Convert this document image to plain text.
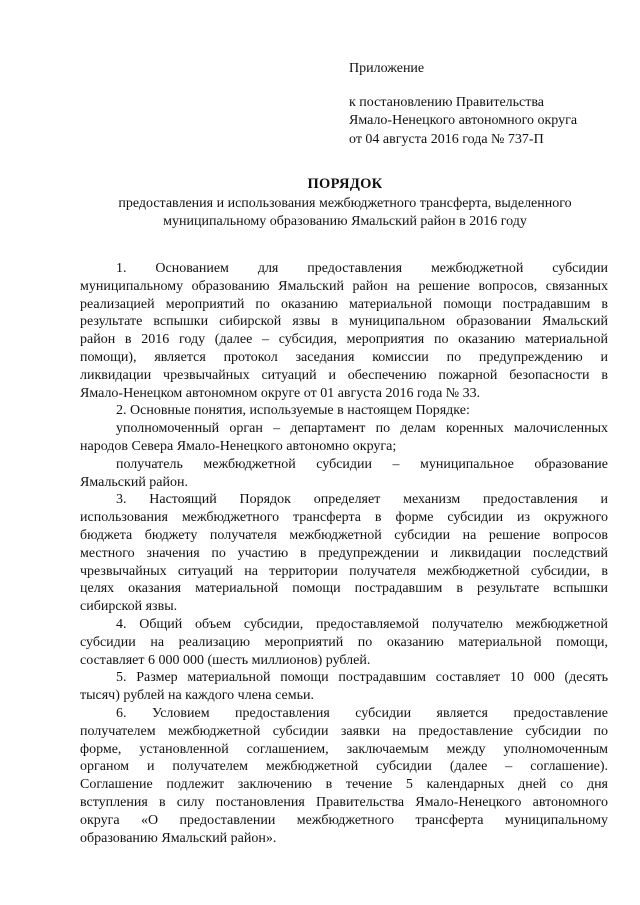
Приложение
к постановлению Правительства
Ямало-Ненецкого автономного округа
от 04 августа 2016 года № 737-П
ПОРЯДОК
предоставления и использования межбюджетного трансферта, выделенного
муниципальному образованию Ямальский район в 2016 году
1. Основанием для предоставления межбюджетной субсидии
муниципальному образованию Ямальский район на решение вопросов, связанных
реализацией мероприятий по оказанию материальной помощи пострадавшим в
результате вспышки сибирской язвы в муниципальном образовании Ямальский
район в 2016 году (далее – субсидия, мероприятия по оказанию материальной
помощи), является протокол заседания комиссии по предупреждению и
ликвидации чрезвычайных ситуаций и обеспечению пожарной безопасности в
Ямало-Ненецком автономном округе от 01 августа 2016 года № 33.
2. Основные понятия, используемые в настоящем Порядке:
уполномоченный орган – департамент по делам коренных малочисленных
народов Севера Ямало-Ненецкого автономно округа;
получатель межбюджетной субсидии – муниципальное образование
Ямальский район.
3. Настоящий Порядок определяет механизм предоставления и
использования межбюджетного трансферта в форме субсидии из окружного
бюджета бюджету получателя межбюджетной субсидии на решение вопросов
местного значения по участию в предупреждении и ликвидации последствий
чрезвычайных ситуаций на территории получателя межбюджетной субсидии, в
целях оказания материальной помощи пострадавшим в результате вспышки
сибирской язвы.
4. Общий объем субсидии, предоставляемой получателю межбюджетной
субсидии на реализацию мероприятий по оказанию материальной помощи,
составляет 6 000 000 (шесть миллионов) рублей.
5. Размер материальной помощи пострадавшим составляет 10 000 (десять
тысяч) рублей на каждого члена семьи.
6. Условием предоставления субсидии является предоставление
получателем межбюджетной субсидии заявки на предоставление субсидии по
форме, установленной соглашением, заключаемым между уполномоченным
органом и получателем межбюджетной субсидии (далее – соглашение).
Соглашение подлежит заключению в течение 5 календарных дней со дня
вступления в силу постановления Правительства Ямало-Ненецкого автономного
округа «О предоставлении межбюджетного трансферта муниципальному
образованию Ямальский район».
